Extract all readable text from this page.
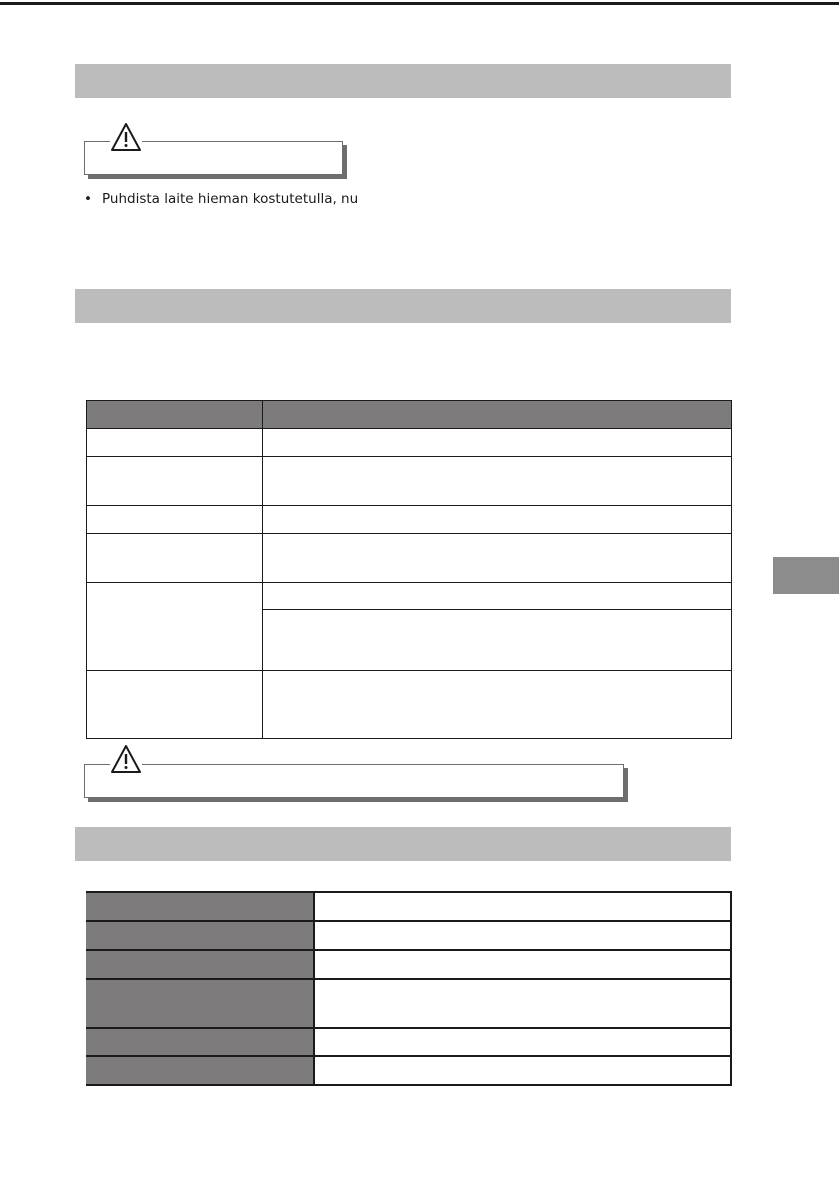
• Puhdista laite hieman kostutetulla, nu
